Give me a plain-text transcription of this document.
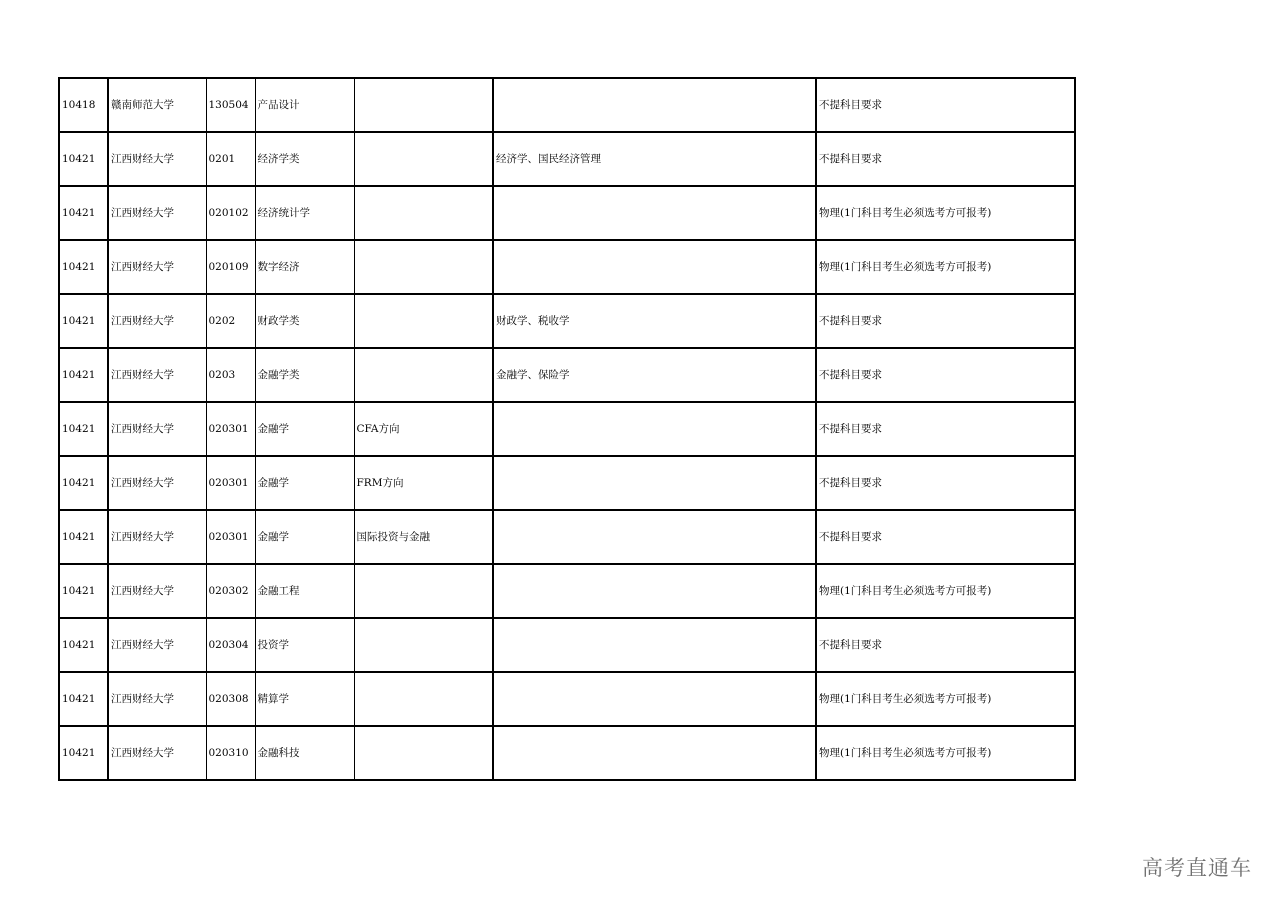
10418	赣南师范大学	130504	产品设计			不提科目要求
10421	江西财经大学	0201	经济学类		经济学、国民经济管理	不提科目要求
10421	江西财经大学	020102	经济统计学			物理(1门科目考生必须选考方可报考)
10421	江西财经大学	020109	数字经济			物理(1门科目考生必须选考方可报考)
10421	江西财经大学	0202	财政学类		财政学、税收学	不提科目要求
10421	江西财经大学	0203	金融学类		金融学、保险学	不提科目要求
10421	江西财经大学	020301	金融学	CFA方向		不提科目要求
10421	江西财经大学	020301	金融学	FRM方向		不提科目要求
10421	江西财经大学	020301	金融学	国际投资与金融		不提科目要求
10421	江西财经大学	020302	金融工程			物理(1门科目考生必须选考方可报考)
10421	江西财经大学	020304	投资学			不提科目要求
10421	江西财经大学	020308	精算学			物理(1门科目考生必须选考方可报考)
10421	江西财经大学	020310	金融科技			物理(1门科目考生必须选考方可报考)
高考直通车
